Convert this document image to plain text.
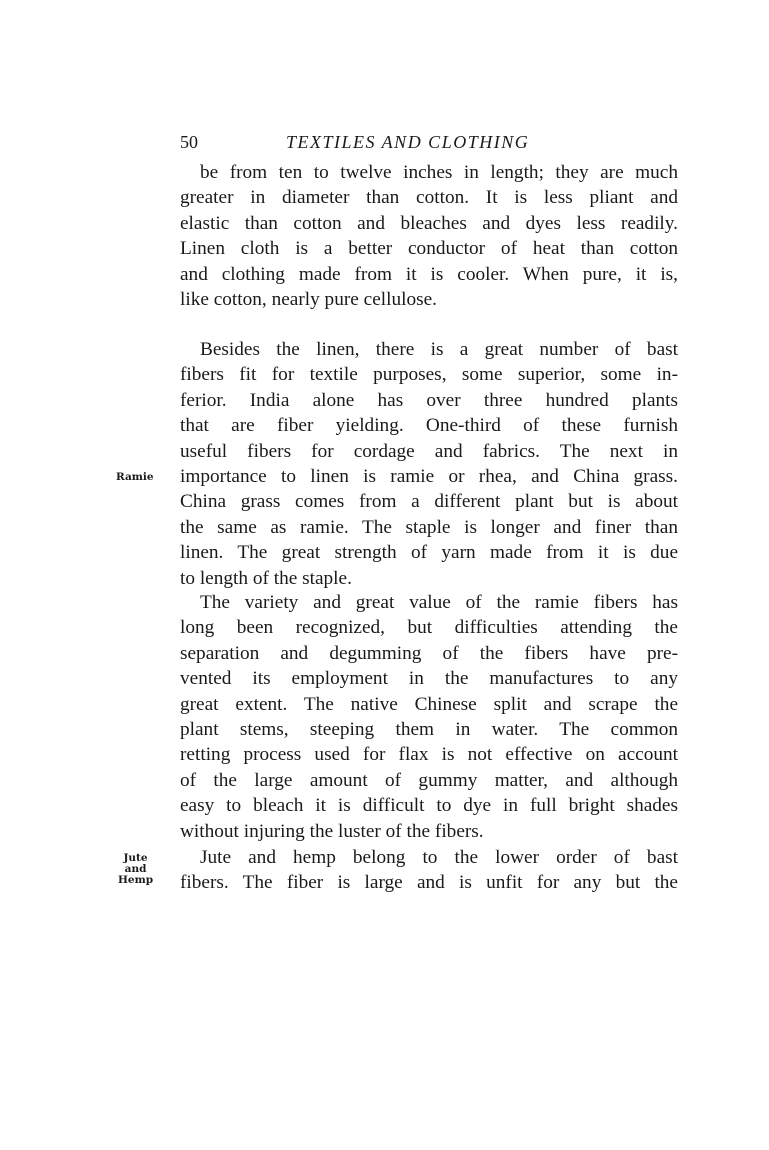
50	TEXTILES AND CLOTHING
be from ten to twelve inches in length; they are much
greater in diameter than cotton. It is less pliant and
elastic than cotton and bleaches and dyes less readily.
Linen cloth is a better conductor of heat than cotton
and clothing made from it is cooler. When pure, it is,
like cotton, nearly pure cellulose.
Besides the linen, there is a great number of bast
fibers fit for textile purposes, some superior, some in-
ferior. India alone has over three hundred plants
that are fiber yielding. One-third of these furnish
useful fibers for cordage and fabrics. The next in
importance to linen is ramie or rhea, and China grass.
China grass comes from a different plant but is about
the same as ramie. The staple is longer and finer than
linen. The great strength of yarn made from it is due
to length of the staple.
The variety and great value of the ramie fibers has
long been recognized, but difficulties attending the
separation and degumming of the fibers have pre-
vented its employment in the manufactures to any
great extent. The native Chinese split and scrape the
plant stems, steeping them in water. The common
retting process used for flax is not effective on account
of the large amount of gummy matter, and although
easy to bleach it is difficult to dye in full bright shades
without injuring the luster of the fibers.
Jute and hemp belong to the lower order of bast
fibers. The fiber is large and is unfit for any but the
Ramie
Jute
and
Hemp
